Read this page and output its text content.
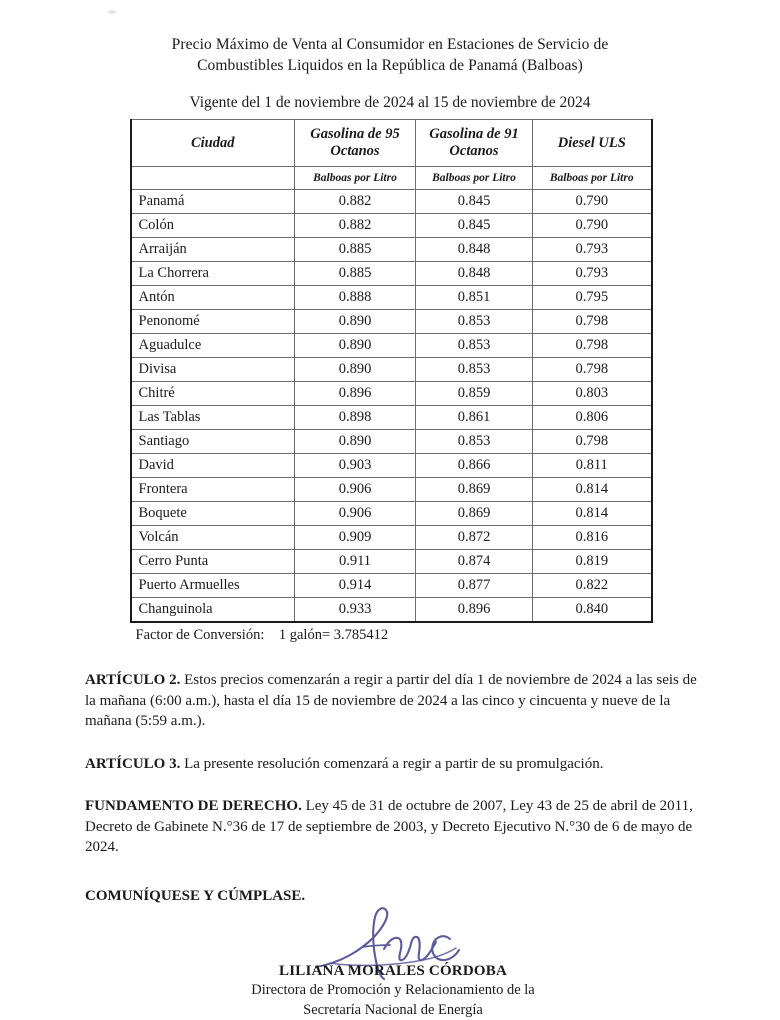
Precio Máximo de Venta al Consumidor en Estaciones de Servicio de
Combustibles Liquidos en la República de Panamá (Balboas)
Vigente del 1 de noviembre de 2024 al 15 de noviembre de 2024
Ciudad	Gasolina de 95 Octanos	Gasolina de 91 Octanos	Diesel ULS
	Balboas por Litro	Balboas por Litro	Balboas por Litro
Panamá	0.882	0.845	0.790
Colón	0.882	0.845	0.790
Arraiján	0.885	0.848	0.793
La Chorrera	0.885	0.848	0.793
Antón	0.888	0.851	0.795
Penonomé	0.890	0.853	0.798
Aguadulce	0.890	0.853	0.798
Divisa	0.890	0.853	0.798
Chitré	0.896	0.859	0.803
Las Tablas	0.898	0.861	0.806
Santiago	0.890	0.853	0.798
David	0.903	0.866	0.811
Frontera	0.906	0.869	0.814
Boquete	0.906	0.869	0.814
Volcán	0.909	0.872	0.816
Cerro Punta	0.911	0.874	0.819
Puerto Armuelles	0.914	0.877	0.822
Changuinola	0.933	0.896	0.840
Factor de Conversión:    1 galón= 3.785412
ARTÍCULO 2. Estos precios comenzarán a regir a partir del día 1 de noviembre de 2024 a las seis de la mañana (6:00 a.m.), hasta el día 15 de noviembre de 2024 a las cinco y cincuenta y nueve de la mañana (5:59 a.m.).
ARTÍCULO 3. La presente resolución comenzará a regir a partir de su promulgación.
FUNDAMENTO DE DERECHO. Ley 45 de 31 de octubre de 2007, Ley 43 de 25 de abril de 2011, Decreto de Gabinete N.°36 de 17 de septiembre de 2003, y Decreto Ejecutivo N.°30 de 6 de mayo de 2024.
COMUNÍQUESE Y CÚMPLASE.
LILIANA MORALES CÓRDOBA
Directora de Promoción y Relacionamiento de la
Secretaría Nacional de Energía
